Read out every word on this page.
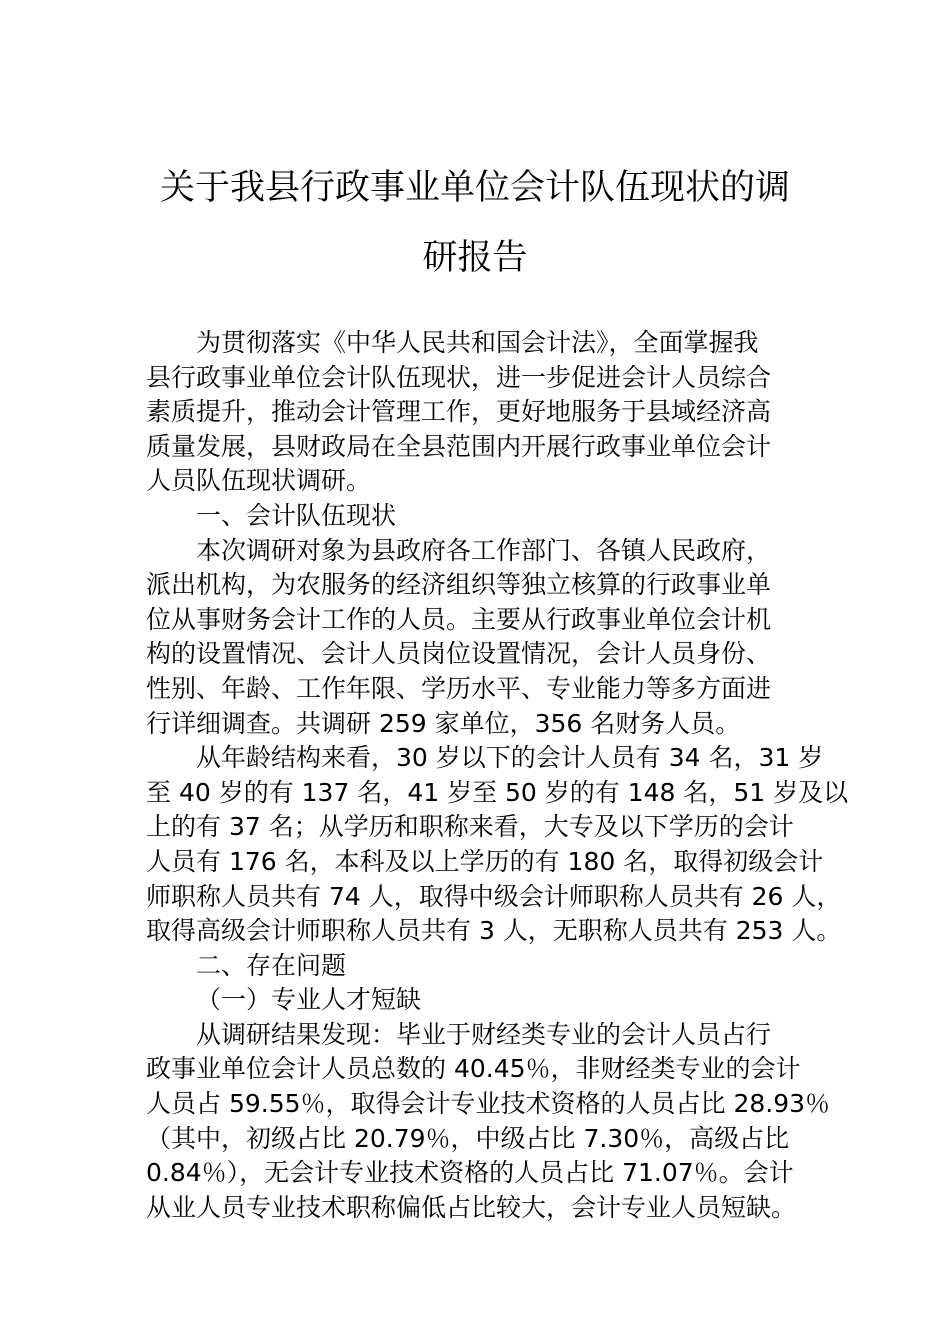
关于我县行政事业单位会计队伍现状的调
研报告

为贯彻落实《中华人民共和国会计法》，全面掌握我

县行政事业单位会计队伍现状，进一步促进会计人员综合

素质提升，推动会计管理工作，更好地服务于县域经济高

质量发展，县财政局在全县范围内开展行政事业单位会计

人员队伍现状调研。

一、会计队伍现状

本次调研对象为县政府各工作部门、各镇人民政府，

派出机构，为农服务的经济组织等独立核算的行政事业单

位从事财务会计工作的人员。主要从行政事业单位会计机

构的设置情况、会计人员岗位设置情况，会计人员身份、

性别、年龄、工作年限、学历水平、专业能力等多方面进

行详细调查。共调研 259 家单位，356 名财务人员。

从年龄结构来看，30 岁以下的会计人员有 34 名，31 岁

至 40 岁的有 137 名，41 岁至 50 岁的有 148 名，51 岁及以

上的有 37 名；从学历和职称来看，大专及以下学历的会计

人员有 176 名，本科及以上学历的有 180 名，取得初级会计

师职称人员共有 74 人，取得中级会计师职称人员共有 26 人，

取得高级会计师职称人员共有 3 人，无职称人员共有 253 人。

二、存在问题

（一）专业人才短缺

从调研结果发现：毕业于财经类专业的会计人员占行

政事业单位会计人员总数的 40.45％，非财经类专业的会计

人员占 59.55％，取得会计专业技术资格的人员占比 28.93％

（其中，初级占比 20.79％，中级占比 7.30％，高级占比

0.84％），无会计专业技术资格的人员占比 71.07％。会计

从业人员专业技术职称偏低占比较大，会计专业人员短缺。
